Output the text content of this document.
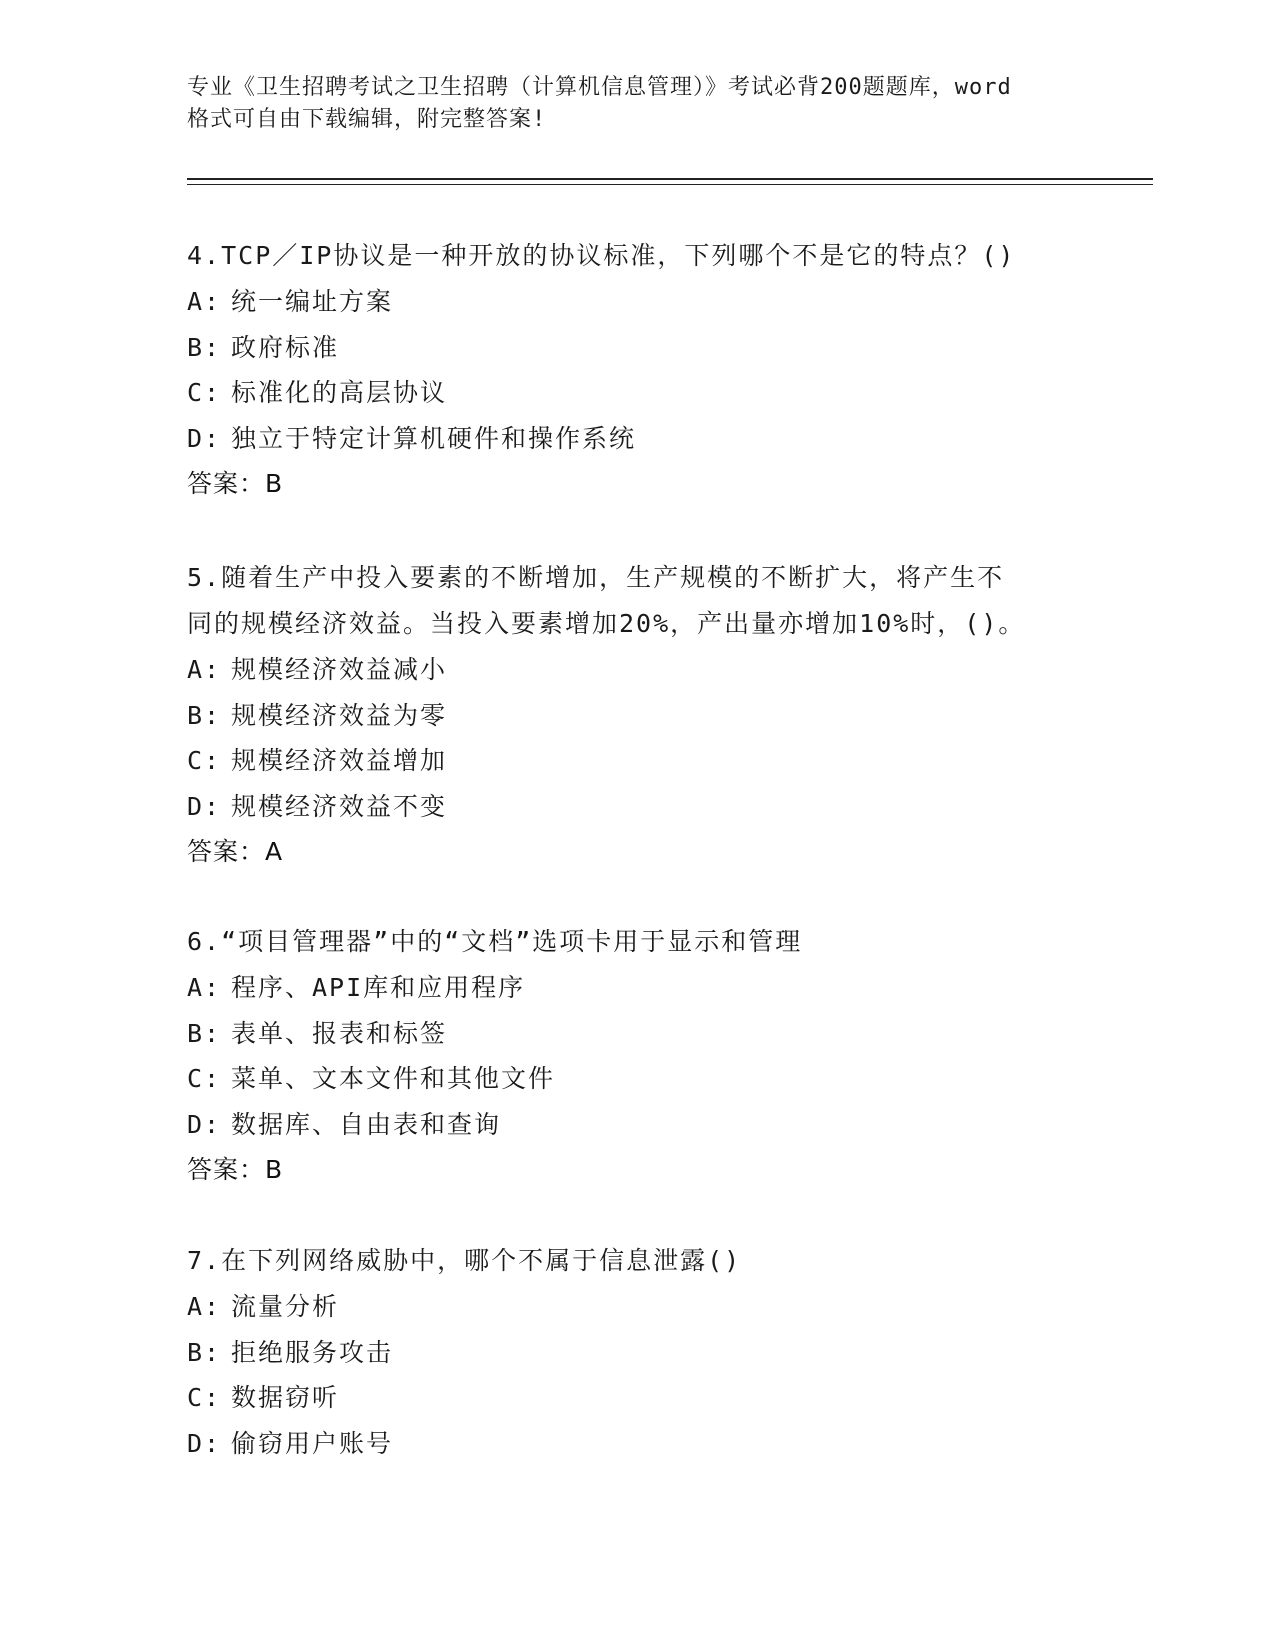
专业《卫生招聘考试之卫生招聘（计算机信息管理）》考试必背200题题库，word
格式可自由下载编辑，附完整答案!

4.TCP／IP协议是一种开放的协议标准，下列哪个不是它的特点？()

A: 统一编址方案

B: 政府标准

C: 标准化的高层协议

D: 独立于特定计算机硬件和操作系统

答案：B

5.随着生产中投入要素的不断增加，生产规模的不断扩大，将产生不

同的规模经济效益。当投入要素增加20%，产出量亦增加10%时，()。

A: 规模经济效益减小

B: 规模经济效益为零

C: 规模经济效益增加

D: 规模经济效益不变

答案：A

6.“项目管理器”中的“文档”选项卡用于显示和管理

A: 程序、API库和应用程序

B: 表单、报表和标签

C: 菜单、文本文件和其他文件

D: 数据库、自由表和查询

答案：B

7.在下列网络威胁中，哪个不属于信息泄露()

A: 流量分析

B: 拒绝服务攻击

C: 数据窃听

D: 偷窃用户账号
